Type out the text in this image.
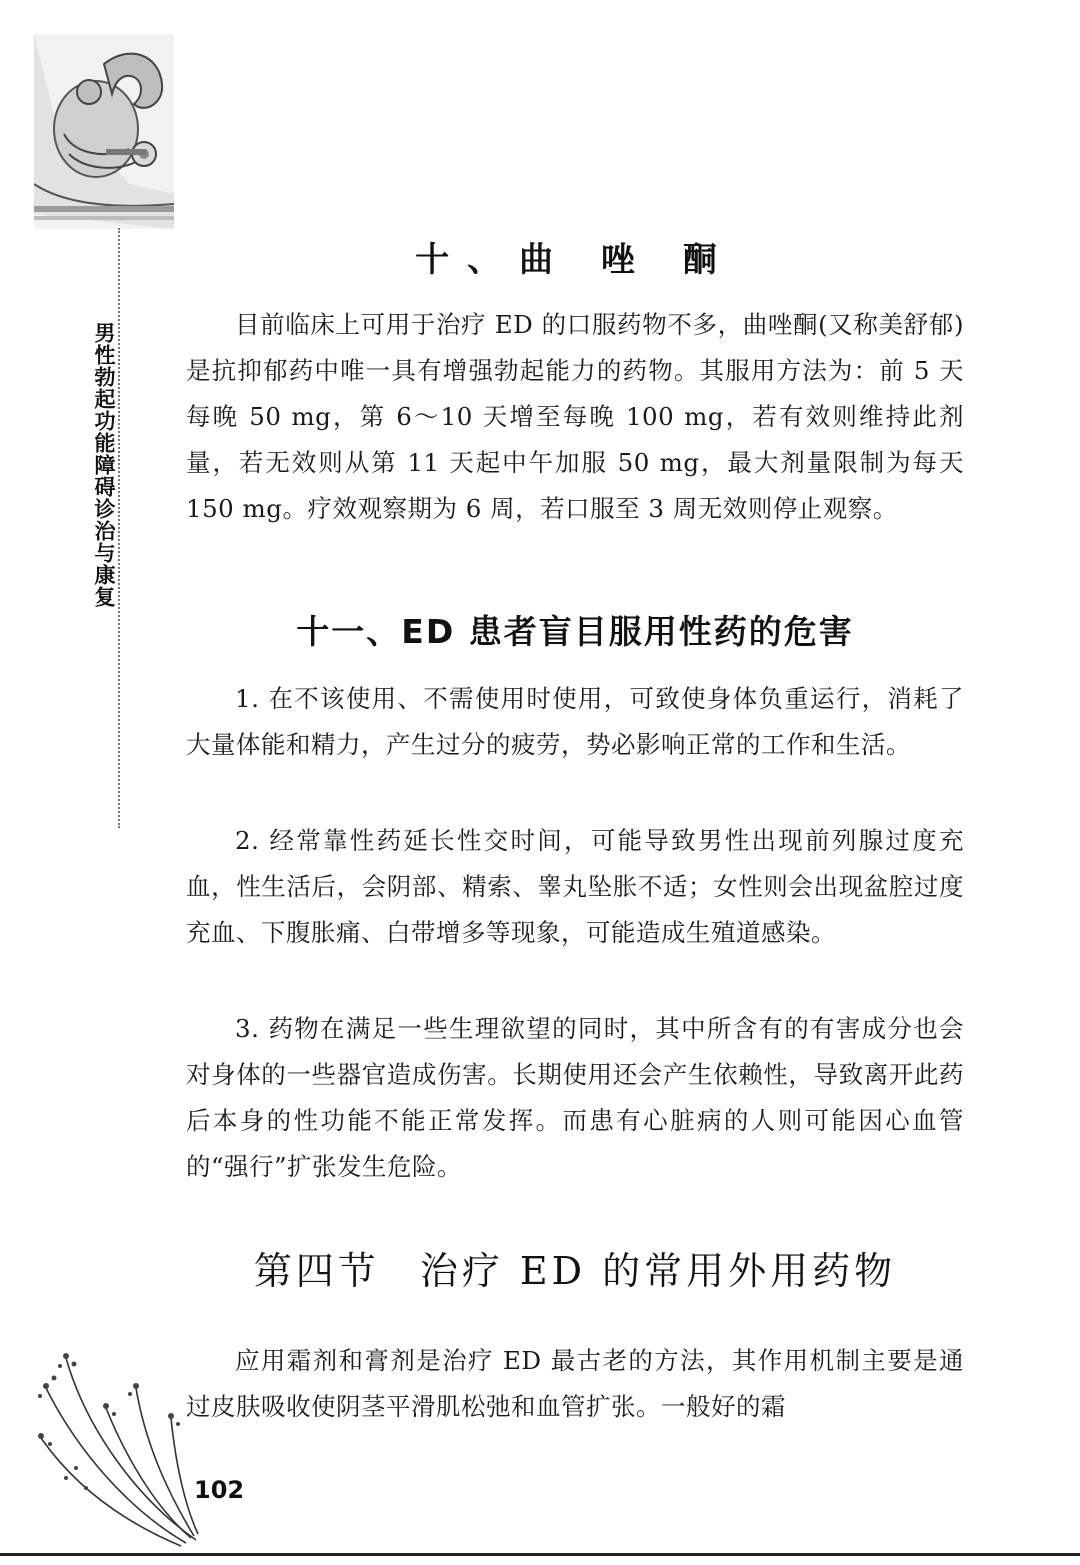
男性勃起功能障碍诊治与康复
十、曲 唑 酮

目前临床上可用于治疗 ED 的口服药物不多，曲唑酮(又称美舒郁)是抗抑郁药中唯一具有增强勃起能力的药物。其服用方法为：前 5 天每晚 50 mg，第 6～10 天增至每晚 100 mg，若有效则维持此剂量，若无效则从第 11 天起中午加服 50 mg，最大剂量限制为每天 150 mg。疗效观察期为 6 周，若口服至 3 周无效则停止观察。

十一、ED 患者盲目服用性药的危害

1. 在不该使用、不需使用时使用，可致使身体负重运行，消耗了大量体能和精力，产生过分的疲劳，势必影响正常的工作和生活。

2. 经常靠性药延长性交时间，可能导致男性出现前列腺过度充血，性生活后，会阴部、精索、睾丸坠胀不适；女性则会出现盆腔过度充血、下腹胀痛、白带增多等现象，可能造成生殖道感染。

3. 药物在满足一些生理欲望的同时，其中所含有的有害成分也会对身体的一些器官造成伤害。长期使用还会产生依赖性，导致离开此药后本身的性功能不能正常发挥。而患有心脏病的人则可能因心血管的“强行”扩张发生危险。

第四节 治疗 ED 的常用外用药物

应用霜剂和膏剂是治疗 ED 最古老的方法，其作用机制主要是通过皮肤吸收使阴茎平滑肌松弛和血管扩张。一般好的霜

102
